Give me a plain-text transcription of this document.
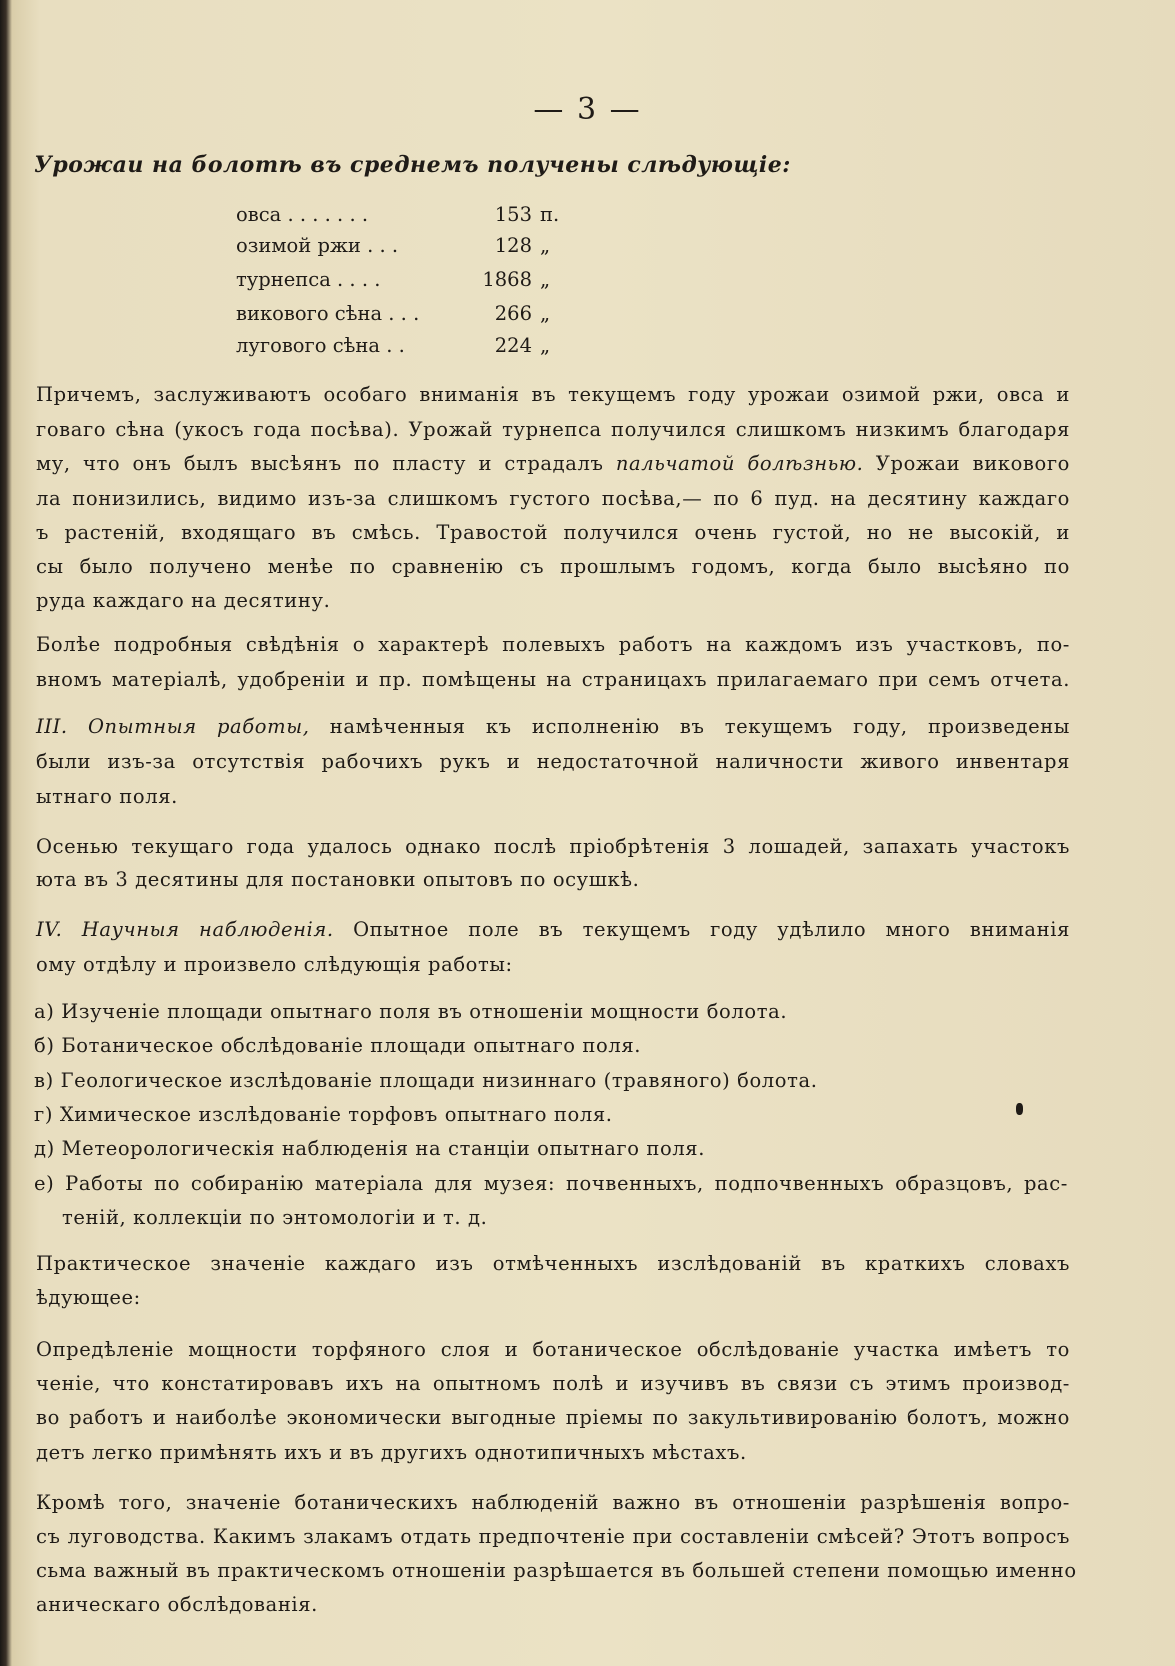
— 3 —
Урожаи на болотѣ въ среднемъ получены слѣдующіе:
овса . . . . . . .	153 п.
озимой ржи . . .	128 „
турнепса . . . .	1868 „
викового сѣна . . .	266 „
лугового сѣна . .	224 „
Причемъ, заслуживаютъ особаго вниманія въ текущемъ году урожаи озимой ржи, овса и
говаго сѣна (укосъ года посѣва). Урожай турнепса получился слишкомъ низкимъ благодаря
му, что онъ былъ высѣянъ по пласту и страдалъ пальчатой болѣзнью. Урожаи викового
ла понизились, видимо изъ-за слишкомъ густого посѣва,— по 6 пуд. на десятину каждаго
ъ растеній, входящаго въ смѣсь. Травостой получился очень густой, но не высокій, и
сы было получено менѣе по сравненію съ прошлымъ годомъ, когда было высѣяно по
руда каждаго на десятину.
Болѣе подробныя свѣдѣнія о характерѣ полевыхъ работъ на каждомъ изъ участковъ, по-
вномъ матеріалѣ, удобреніи и пр. помѣщены на страницахъ прилагаемаго при семъ отчета.
III. Опытныя работы, намѣченныя къ исполненію въ текущемъ году, произведены
были изъ-за отсутствія рабочихъ рукъ и недостаточной наличности живого инвентаря
ытнаго поля.
Осенью текущаго года удалось однако послѣ пріобрѣтенія 3 лошадей, запахать участокъ
юта въ 3 десятины для постановки опытовъ по осушкѣ.
IV. Научныя наблюденія. Опытное поле въ текущемъ году удѣлило много вниманія
ому отдѣлу и произвело слѣдующія работы:
а) Изученіе площади опытнаго поля въ отношеніи мощности болота.
б) Ботаническое обслѣдованіе площади опытнаго поля.
в) Геологическое изслѣдованіе площади низиннаго (травяного) болота.
г) Химическое изслѣдованіе торфовъ опытнаго поля.
д) Метеорологическія наблюденія на станціи опытнаго поля.
е) Работы по собиранію матеріала для музея: почвенныхъ, подпочвенныхъ образцовъ, рас-
теній, коллекціи по энтомологіи и т. д.
Практическое значеніе каждаго изъ отмѣченныхъ изслѣдованій въ краткихъ словахъ
ѣдующее:
Опредѣленіе мощности торфяного слоя и ботаническое обслѣдованіе участка имѣетъ то
ченіе, что констатировавъ ихъ на опытномъ полѣ и изучивъ въ связи съ этимъ производ-
во работъ и наиболѣе экономически выгодные пріемы по закультивированію болотъ, можно
детъ легко примѣнять ихъ и въ другихъ однотипичныхъ мѣстахъ.
Кромѣ того, значеніе ботаническихъ наблюденій важно въ отношеніи разрѣшенія вопро-
съ луговодства. Какимъ злакамъ отдать предпочтеніе при составленіи смѣсей? Этотъ вопросъ
сьма важный въ практическомъ отношеніи разрѣшается въ большей степени помощью именно
аническаго обслѣдованія.
